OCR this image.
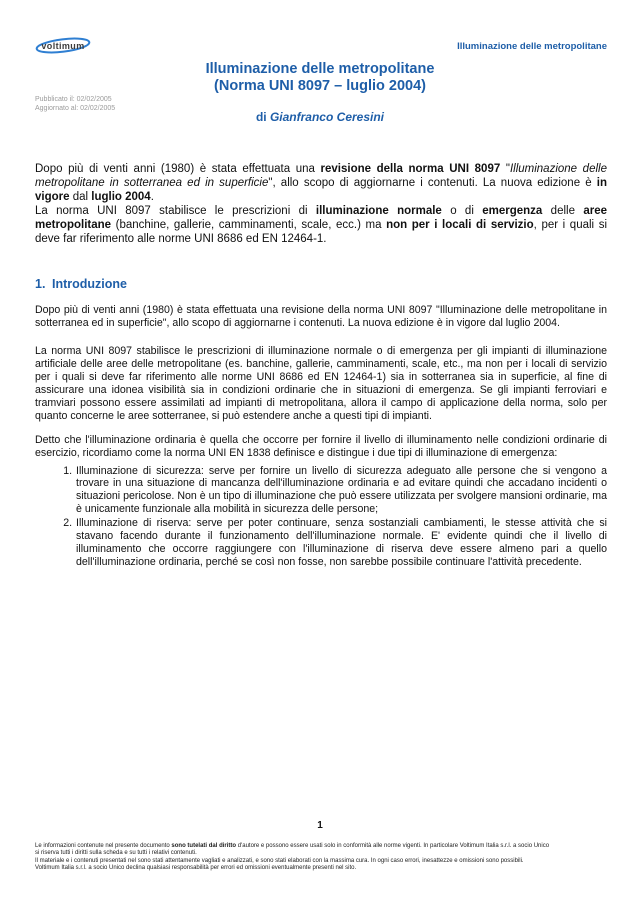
voltimum	Illuminazione delle metropolitane
Illuminazione delle metropolitane
(Norma UNI 8097 – luglio 2004)
Pubblicato il: 02/02/2005
Aggiornato al: 02/02/2005
di Gianfranco Ceresini
Dopo più di venti anni (1980) è stata effettuata una revisione della norma UNI 8097 "Illuminazione delle metropolitane in sotterranea ed in superficie", allo scopo di aggiornarne i contenuti. La nuova edizione è in vigore dal luglio 2004.
La norma UNI 8097 stabilisce le prescrizioni di illuminazione normale o di emergenza delle aree metropolitane (banchine, gallerie, camminamenti, scale, ecc.) ma non per i locali di servizio, per i quali si deve far riferimento alle norme UNI 8686 ed EN 12464-1.
1. Introduzione

Dopo più di venti anni (1980) è stata effettuata una revisione della norma UNI 8097 "Illuminazione delle metropolitane in sotterranea ed in superficie", allo scopo di aggiornarne i contenuti. La nuova edizione è in vigore dal luglio 2004.

La norma UNI 8097 stabilisce le prescrizioni di illuminazione normale o di emergenza per gli impianti di illuminazione artificiale delle aree delle metropolitane (es. banchine, gallerie, camminamenti, scale, etc., ma non per i locali di servizio per i quali si deve far riferimento alle norme UNI 8686 ed EN 12464-1) sia in sotterranea sia in superficie, al fine di assicurare una idonea visibilità sia in condizioni ordinarie che in situazioni di emergenza. Se gli impianti ferroviari e tramviari possono essere assimilati ad impianti di metropolitana, allora il campo di applicazione della norma, solo per quanto concerne le aree sotterranee, si può estendere anche a questi tipi di impianti.

Detto che l'illuminazione ordinaria è quella che occorre per fornire il livello di illuminamento nelle condizioni ordinarie di esercizio, ricordiamo come la norma UNI EN 1838 definisce e distingue i due tipi di illuminazione di emergenza:

1. Illuminazione di sicurezza: serve per fornire un livello di sicurezza adeguato alle persone che si vengono a trovare in una situazione di mancanza dell'illuminazione ordinaria e ad evitare quindi che accadano incidenti o situazioni pericolose. Non è un tipo di illuminazione che può essere utilizzata per svolgere mansioni ordinarie, ma è unicamente funzionale alla mobilità in sicurezza delle persone;
2. Illuminazione di riserva: serve per poter continuare, senza sostanziali cambiamenti, le stesse attività che si stavano facendo durante il funzionamento dell'illuminazione normale. E' evidente quindi che il livello di illuminamento che occorre raggiungere con l'illuminazione di riserva deve essere almeno pari a quello dell'illuminazione ordinaria, perché se così non fosse, non sarebbe possibile continuare l'attività precedente.
1
Le informazioni contenute nel presente documento sono tutelati dal diritto d'autore e possono essere usati solo in conformità alle norme vigenti. In particolare Voltimum Italia s.r.l. a socio Unico
si riserva tutti i diritti sulla scheda e su tutti i relativi contenuti.
Il materiale e i contenuti presentati nel sono stati attentamente vagliati e analizzati, e sono stati elaborati con la massima cura. In ogni caso errori, inesattezze e omissioni sono possibili.
Voltimum Italia s.r.l. a socio Unico declina qualsiasi responsabilità per errori ed omissioni eventualmente presenti nel sito.
